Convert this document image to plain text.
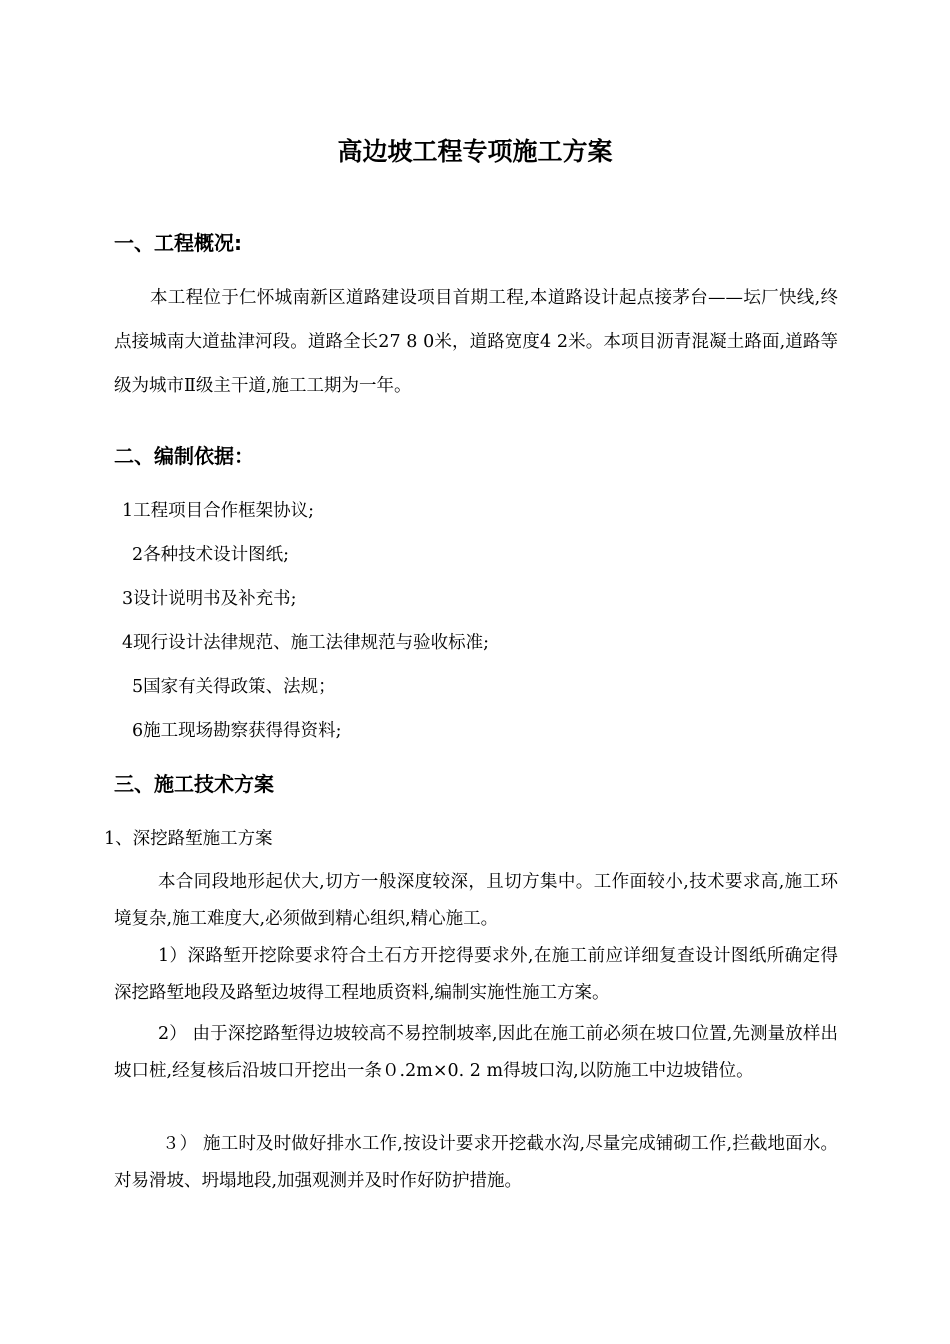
高边坡工程专项施工方案
一、工程概况:

本工程位于仁怀城南新区道路建设项目首期工程,本道路设计起点接茅台——坛厂快线,终点接城南大道盐津河段。道路全长27 8 0米，道路宽度4 2米。本项目沥青混凝土路面,道路等级为城市Ⅱ级主干道,施工工期为一年。

二、编制依据：

1工程项目合作框架协议;

2各种技术设计图纸;

3设计说明书及补充书;

4现行设计法律规范、施工法律规范与验收标准;

5国家有关得政策、法规；

6施工现场勘察获得得资料;

三、施工技术方案

1、深挖路堑施工方案

本合同段地形起伏大,切方一般深度较深，且切方集中。工作面较小,技术要求高,施工环境复杂,施工难度大,必须做到精心组织,精心施工。

1）深路堑开挖除要求符合土石方开挖得要求外,在施工前应详细复查设计图纸所确定得深挖路堑地段及路堑边坡得工程地质资料,编制实施性施工方案。

2） 由于深挖路堑得边坡较高不易控制坡率,因此在施工前必须在坡口位置,先测量放样出坡口桩,经复核后沿坡口开挖出一条０.2m×0. 2 m得坡口沟,以防施工中边坡错位。

３） 施工时及时做好排水工作,按设计要求开挖截水沟,尽量完成铺砌工作,拦截地面水。对易滑坡、坍塌地段,加强观测并及时作好防护措施。
